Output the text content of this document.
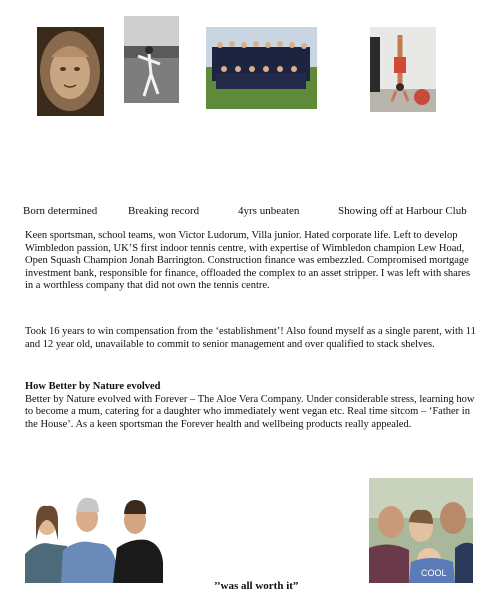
Born determined	Breaking record	4yrs unbeaten	Showing off at Harbour Club

Keen sportsman, school teams, won Victor Ludorum, Villa junior. Hated corporate life. Left to develop Wimbledon passion, UK’S first indoor tennis centre, with expertise of Wimbledon champion Lew Hoad, Open Squash Champion Jonah Barrington. Construction finance was embezzled. Compromised mortgage investment bank, responsible for finance, offloaded the complex to an asset stripper. I was left with shares in a worthless company that did not own the tennis centre.

Took 16 years to win compensation from the ‘establishment’! Also found myself as a single parent, with 11 and 12 year old, unavailable to commit to senior management and over qualified to stack shelves.

How Better by Nature evolved
Better by Nature evolved with Forever – The Aloe Vera Company. Under considerable stress, learning how to become a mum, catering for a daughter who immediately went vegan etc. Real time sitcom – ‘Father in the House’. As a keen sportsman the Forever health and wellbeing products really appealed.
COOL
’’was all worth it”
